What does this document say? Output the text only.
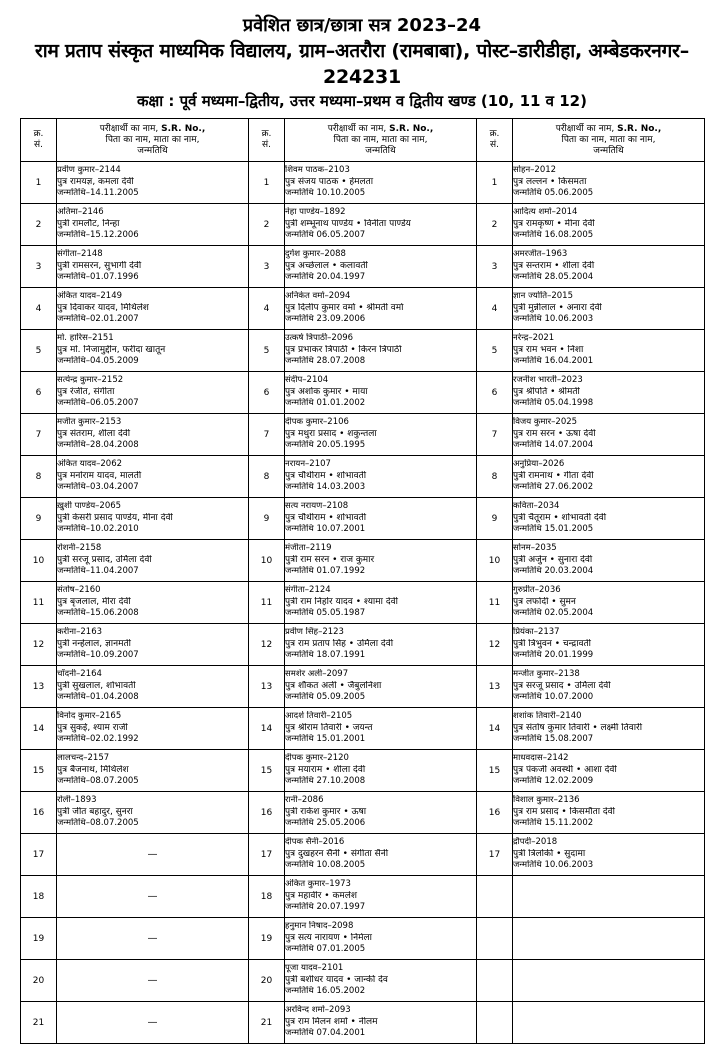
प्रवेशित छात्र/छात्रा सत्र 2023–24
राम प्रताप संस्कृत माध्यमिक विद्यालय, ग्राम–अतरौरा (रामबाबा), पोस्ट–डारीडीहा, अम्बेडकरनगर–224231
कक्षा : पूर्व मध्यमा–द्वितीय, उत्तर मध्यमा–प्रथम व द्वितीय खण्ड (10, 11 व 12)
क्र.
सं.	परीक्षार्थी का नाम, S.R. No.,
पिता का नाम, माता का नाम,
जन्मतिथि	क्र.
सं.	परीक्षार्थी का नाम, S.R. No.,
पिता का नाम, माता का नाम,
जन्मतिथि	क्र.
सं.	परीक्षार्थी का नाम, S.R. No.,
पिता का नाम, माता का नाम,
जन्मतिथि
1	प्रवीण कुमार–2144
पुत्र रामयज्ञ, कमला देवी
जन्मतिथि–14.11.2005	1	शिवम पाठक–2103
पुत्र संजय पाठक • हेमलता
जन्मतिथि 10.10.2005	1	सोहन–2012
पुत्र लल्लन • किसमता
जन्मतिथि 05.06.2005

2	अतिमा–2146
पुत्री रामलौट, निन्हा
जन्मतिथि–15.12.2006	2	नेहा पाण्डेय–1892
पुत्री शम्भूनाथ पाण्डेय • विनीता पाण्डेय
जन्मतिथि 06.05.2007	2	आदित्य शर्मा–2014
पुत्र रामकृष्ण • मीना देवी
जन्मतिथि 16.08.2005

3	संगीता–2148
पुत्री रामसरन, सुभागी देवी
जन्मतिथि–01.07.1996	3	दुर्गेश कुमार–2088
पुत्र अच्छेलाल • कलावती
जन्मतिथि 20.04.1997	3	अमरजीत–1963
पुत्र सन्तराम • शीला देवी
जन्मतिथि 28.05.2004

4	अंकित यादव–2149
पुत्र दिवाकर यादव, मिथिलेश
जन्मतिथि–02.01.2007	4	अनिकेत वर्मा–2094
पुत्र दिलीप कुमार वर्मा • श्रीमती वर्मा
जन्मतिथि 23.09.2006	4	ज्ञान ज्योति–2015
पुत्री मुन्नीलाल • अनारा देवी
जन्मतिथि 10.06.2003

5	मो. हारिस–2151
पुत्र मो. निजामुद्दीन, फरीदा खातून
जन्मतिथि–04.05.2009	5	उत्कर्ष त्रिपाठी–2096
पुत्र प्रभाकर त्रिपाठी • किरन त्रिपाठी
जन्मतिथि 28.07.2008	5	नरेन्द्र–2021
पुत्र राम भवन • निशा
जन्मतिथि 16.04.2001

6	सत्येन्द्र कुमार–2152
पुत्र रंजीत, संगीता
जन्मतिथि–06.05.2007	6	संदीप–2104
पुत्र अशोक कुमार • माया
जन्मतिथि 01.01.2002	6	रजनीश भारती–2023
पुत्र श्रीपति • श्रीमती
जन्मतिथि 05.04.1998

7	मजीत कुमार–2153
पुत्र संतराम, शीला देवी
जन्मतिथि–28.04.2008	7	दीपक कुमार–2106
पुत्र मथुरा प्रसाद • शकुन्तला
जन्मतिथि 20.05.1995	7	विजय कुमार–2025
पुत्र राम सरन • ऊषा देवी
जन्मतिथि 14.07.2004

8	अंकित यादव–2062
पुत्र मनोराम यादव, मालती
जन्मतिथि–03.04.2007	8	नरायन–2107
पुत्र चौथीराम • शोभावती
जन्मतिथि 14.03.2003	8	अनुप्रिया–2026
पुत्री रामनाथ • गीता देवी
जन्मतिथि 27.06.2002

9	ख़ुशी पाण्डेय–2065
पुत्री केसरी प्रसाद पाण्डेय, मीना देवी
जन्मतिथि–10.02.2010	9	सत्य नरायण–2108
पुत्र चौथीराम • शोभावती
जन्मतिथि 10.07.2001	9	कविता–2034
पुत्री चैतूराम • शोभावती देवी
जन्मतिथि 15.01.2005

10	रोशनी–2158
पुत्री सरजू प्रसाद, उर्मिला देवी
जन्मतिथि–11.04.2007	10	मंजीता–2119
पुत्री राम सरन • राज कुमार
जन्मतिथि 01.07.1992	10	सोनम–2035
पुत्री अर्जुन • सुनारा देवी
जन्मतिथि 20.03.2004

11	संतोष–2160
पुत्र बृजलाल, मीरा देवी
जन्मतिथि–15.06.2008	11	संगीता–2124
पुत्री राम निहोर यादव • श्यामा देवी
जन्मतिथि 05.05.1987	11	गुरुप्रीत–2036
पुत्र लफोदी • सुमन
जन्मतिथि 02.05.2004

12	करीना–2163
पुत्री नन्हेलाल, ज्ञानमती
जन्मतिथि–10.09.2007	12	प्रवीण सिंह–2123
पुत्र राम प्रताप सिंह • उर्मिला देवी
जन्मतिथि 18.07.1991	12	प्रियंका–2137
पुत्री त्रिभुवन • चन्द्रावती
जन्मतिथि 20.01.1999

13	चाँदनी–2164
पुत्री सुखलाल, शोभावती
जन्मतिथि–01.04.2008	13	समशेर अली–2097
पुत्र शौकत अली • जैबुलनिशा
जन्मतिथि 05.09.2005	13	मन्जीत कुमार–2138
पुत्र सरजू प्रसाद • उर्मिला देवी
जन्मतिथि 10.07.2000

14	विनोद कुमार–2165
पुत्र सुकई, श्याम राजी
जन्मतिथि–02.02.1992	14	आदर्श तिवारी–2105
पुत्र श्रीराम तिवारी • जयन्त
जन्मतिथि 15.01.2001	14	शशांक तिवारी–2140
पुत्र संतोष कुमार तिवारी • लक्ष्मी तिवारी
जन्मतिथि 15.08.2007

15	लालचन्द–2157
पुत्र बैजनाथ, मिथिलेश
जन्मतिथि–08.07.2005	15	दीपक कुमार–2120
पुत्र मयाराम • शीला देवी
जन्मतिथि 27.10.2008	15	माधवदास–2142
पुत्र पंकजी अवस्थी • आशा देवी
जन्मतिथि 12.02.2009

16	रोली–1893
पुत्री जीत बहादुर, सुनरा
जन्मतिथि–08.07.2005	16	रानी–2086
पुत्री राकेश कुमार • ऊषा
जन्मतिथि 25.05.2006	16	विशाल कुमार–2136
पुत्र राम प्रसाद • किसमौता देवी
जन्मतिथि 15.11.2002

17	—	17	दीपक सैनी–2016
पुत्र दुखहरन सैनी • संगीता सैनी
जन्मतिथि 10.08.2005	17	द्रौपदी–2018
पुत्री त्रिलोकी • सुदामा
जन्मतिथि 10.06.2003

18	—	18	अंकित कुमार–1973
पुत्र महावीर • कमलेश
जन्मतिथि 20.07.1997		

19	—	19	हनुमान निषाद–2098
पुत्र सत्य नारायण • निर्मला
जन्मतिथि 07.01.2005		

20	—	20	पूजा यादव–2101
पुत्री बशीधर यादव • जान्की देव
जन्मतिथि 16.05.2002		

21	—	21	अरविन्द शर्मा–2093
पुत्र राम मिलन शर्मा • नीलम
जन्मतिथि 07.04.2001		
